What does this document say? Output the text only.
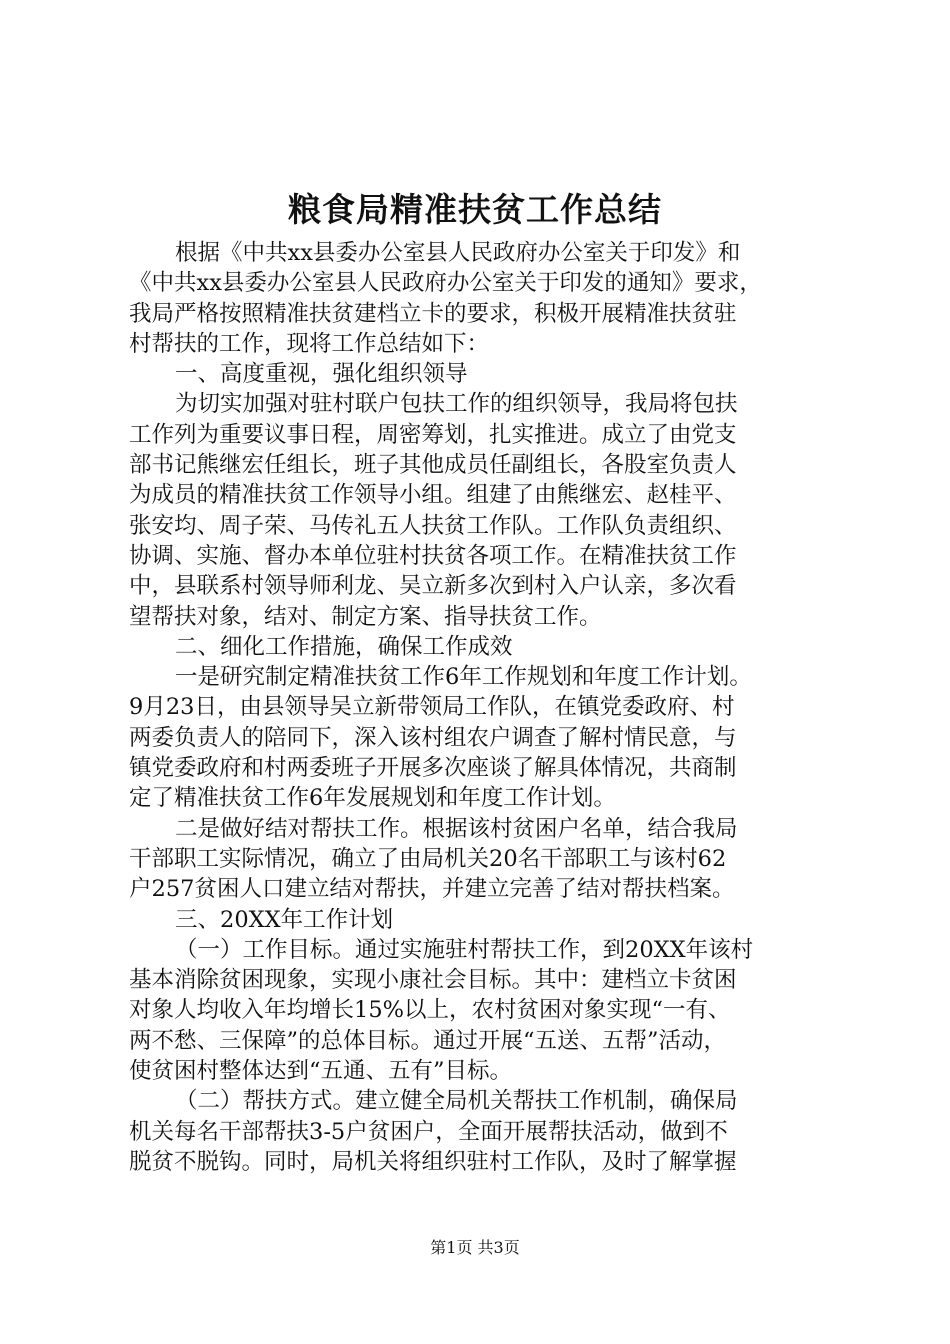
粮食局精准扶贫工作总结
根据《中共xx县委办公室县人民政府办公室关于印发》和
《中共xx县委办公室县人民政府办公室关于印发的通知》要求，
我局严格按照精准扶贫建档立卡的要求，积极开展精准扶贫驻
村帮扶的工作，现将工作总结如下：
一、高度重视，强化组织领导
为切实加强对驻村联户包扶工作的组织领导，我局将包扶
工作列为重要议事日程，周密筹划，扎实推进。成立了由党支
部书记熊继宏任组长，班子其他成员任副组长，各股室负责人
为成员的精准扶贫工作领导小组。组建了由熊继宏、赵桂平、
张安均、周子荣、马传礼五人扶贫工作队。工作队负责组织、
协调、实施、督办本单位驻村扶贫各项工作。在精准扶贫工作
中，县联系村领导师利龙、吴立新多次到村入户认亲，多次看
望帮扶对象，结对、制定方案、指导扶贫工作。
二、细化工作措施，确保工作成效
一是研究制定精准扶贫工作6年工作规划和年度工作计划。
9月23日，由县领导吴立新带领局工作队，在镇党委政府、村
两委负责人的陪同下，深入该村组农户调查了解村情民意，与
镇党委政府和村两委班子开展多次座谈了解具体情况，共商制
定了精准扶贫工作6年发展规划和年度工作计划。
二是做好结对帮扶工作。根据该村贫困户名单，结合我局
干部职工实际情况，确立了由局机关20名干部职工与该村62
户257贫困人口建立结对帮扶，并建立完善了结对帮扶档案。
三、20XX年工作计划
（一）工作目标。通过实施驻村帮扶工作，到20XX年该村
基本消除贫困现象，实现小康社会目标。其中：建档立卡贫困
对象人均收入年均增长15%以上，农村贫困对象实现“一有、
两不愁、三保障”的总体目标。通过开展“五送、五帮”活动，
使贫困村整体达到“五通、五有”目标。
（二）帮扶方式。建立健全局机关帮扶工作机制，确保局
机关每名干部帮扶3-5户贫困户，全面开展帮扶活动，做到不
脱贫不脱钩。同时，局机关将组织驻村工作队，及时了解掌握
第1页 共3页
